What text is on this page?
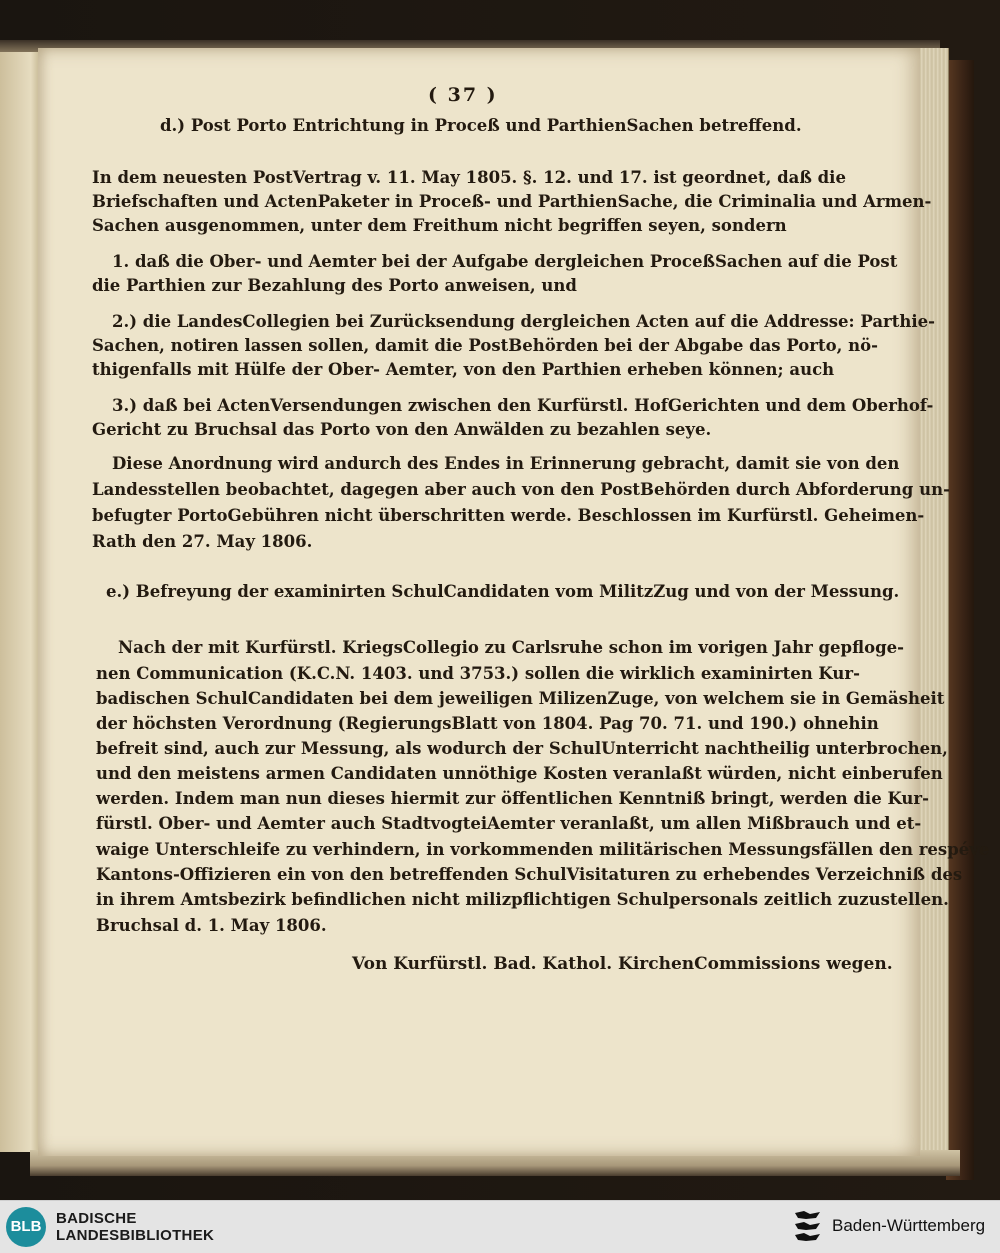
( 37 )
d.) Post Porto Entrichtung in Proceß und ParthienSachen betreffend.
In dem neuesten PostVertrag v. 11. May 1805. §. 12. und 17. ist geordnet, daß die
Briefschaften und ActenPaketer in Proceß- und ParthienSache, die Criminalia und Armen-
Sachen ausgenommen, unter dem Freithum nicht begriffen seyen, sondern
1. daß die Ober- und Aemter bei der Aufgabe dergleichen ProceßSachen auf die Post
die Parthien zur Bezahlung des Porto anweisen, und
2.) die LandesCollegien bei Zurücksendung dergleichen Acten auf die Addresse: Parthie-
Sachen, notiren lassen sollen, damit die PostBehörden bei der Abgabe das Porto, nö-
thigenfalls mit Hülfe der Ober- Aemter, von den Parthien erheben können; auch
3.) daß bei ActenVersendungen zwischen den Kurfürstl. HofGerichten und dem Oberhof-
Gericht zu Bruchsal das Porto von den Anwälden zu bezahlen seye.
Diese Anordnung wird andurch des Endes in Erinnerung gebracht, damit sie von den
Landesstellen beobachtet, dagegen aber auch von den PostBehörden durch Abforderung un-
befugter PortoGebühren nicht überschritten werde. Beschlossen im Kurfürstl. Geheimen-
Rath den 27. May 1806.
e.) Befreyung der examinirten SchulCandidaten vom MilitzZug und von der Messung.
Nach der mit Kurfürstl. KriegsCollegio zu Carlsruhe schon im vorigen Jahr gepfloge-
nen Communication (K.C.N. 1403. und 3753.) sollen die wirklich examinirten Kur-
badischen SchulCandidaten bei dem jeweiligen MilizenZuge, von welchem sie in Gemäsheit
der höchsten Verordnung (RegierungsBlatt von 1804. Pag 70. 71. und 190.) ohnehin
befreit sind, auch zur Messung, als wodurch der SchulUnterricht nachtheilig unterbrochen,
und den meistens armen Candidaten unnöthige Kosten veranlaßt würden, nicht einberufen
werden. Indem man nun dieses hiermit zur öffentlichen Kenntniß bringt, werden die Kur-
fürstl. Ober- und Aemter auch StadtvogteiAemter veranlaßt, um allen Mißbrauch und et-
waige Unterschleife zu verhindern, in vorkommenden militärischen Messungsfällen den respéve
Kantons-Offizieren ein von den betreffenden SchulVisitaturen zu erhebendes Verzeichniß des
in ihrem Amtsbezirk befindlichen nicht milizpflichtigen Schulpersonals zeitlich zuzustellen.
Bruchsal d. 1. May 1806.
Von Kurfürstl. Bad. Kathol. KirchenCommissions wegen.
BLB BADISCHE
LANDESBIBLIOTHEK
Baden-Württemberg
